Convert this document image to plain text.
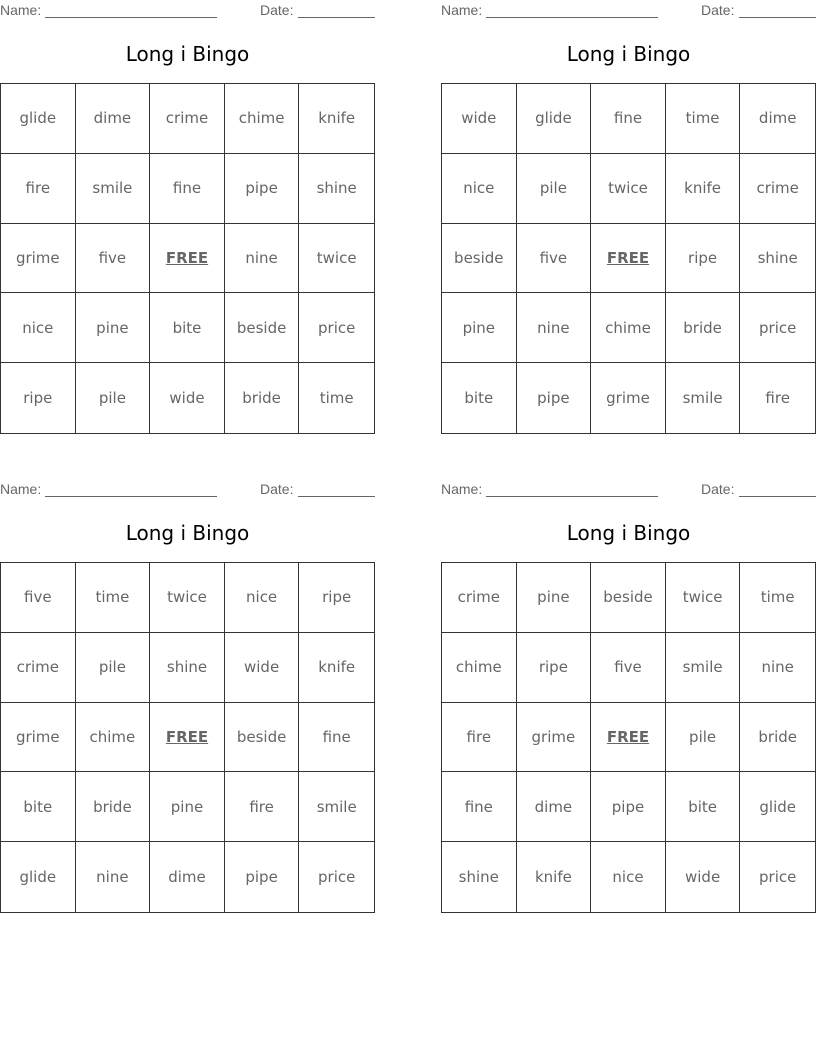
Name:	Date:
Long i Bingo
glide	dime	crime	chime	knife
fire	smile	fine	pipe	shine
grime	five	FREE	nine	twice
nice	pine	bite	beside	price
ripe	pile	wide	bride	time
Name:	Date:
Long i Bingo
wide	glide	fine	time	dime
nice	pile	twice	knife	crime
beside	five	FREE	ripe	shine
pine	nine	chime	bride	price
bite	pipe	grime	smile	fire
Name:	Date:
Long i Bingo
five	time	twice	nice	ripe
crime	pile	shine	wide	knife
grime	chime	FREE	beside	fine
bite	bride	pine	fire	smile
glide	nine	dime	pipe	price
Name:	Date:
Long i Bingo
crime	pine	beside	twice	time
chime	ripe	five	smile	nine
fire	grime	FREE	pile	bride
fine	dime	pipe	bite	glide
shine	knife	nice	wide	price
